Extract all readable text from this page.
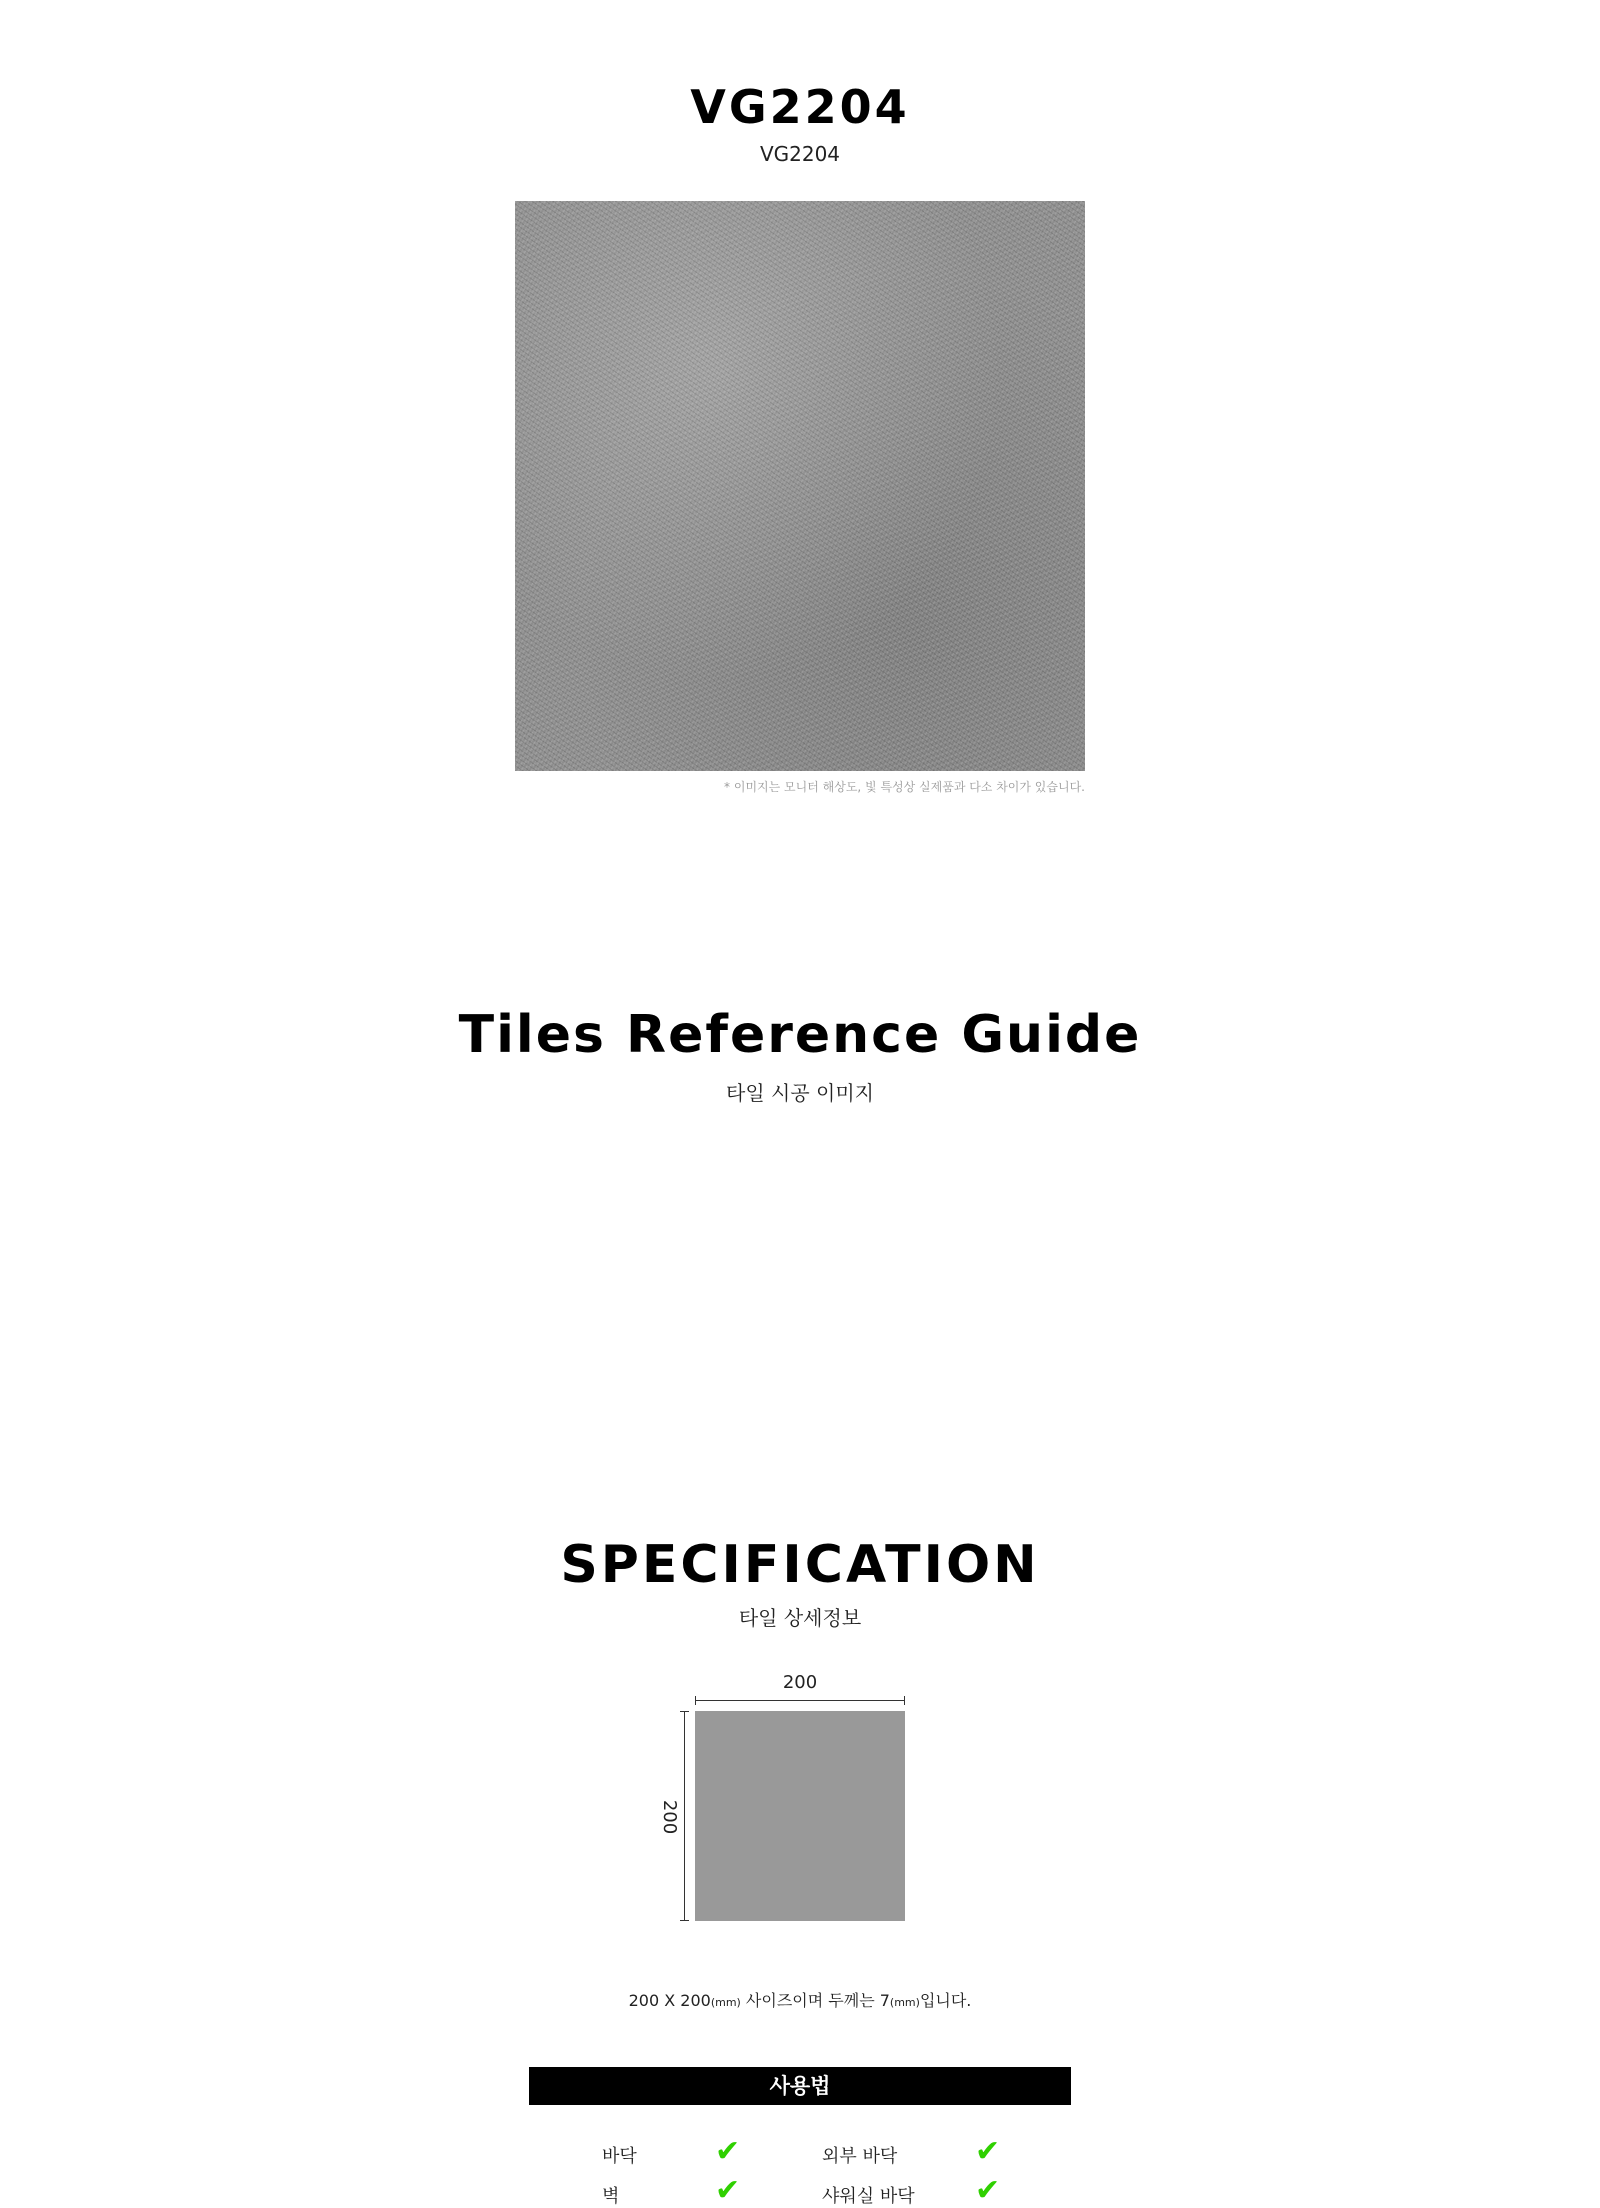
VG2204
VG2204
* 이미지는 모니터 해상도, 빛 특성상 실제품과 다소 차이가 있습니다.
Tiles Reference Guide
타일 시공 이미지
SPECIFICATION
타일 상세정보
200
200
200 X 200(mm) 사이즈이며 두께는 7(mm)입니다.
사용법
바닥	✔	외부 바닥	✔
벽	✔	샤워실 바닥 ✔
